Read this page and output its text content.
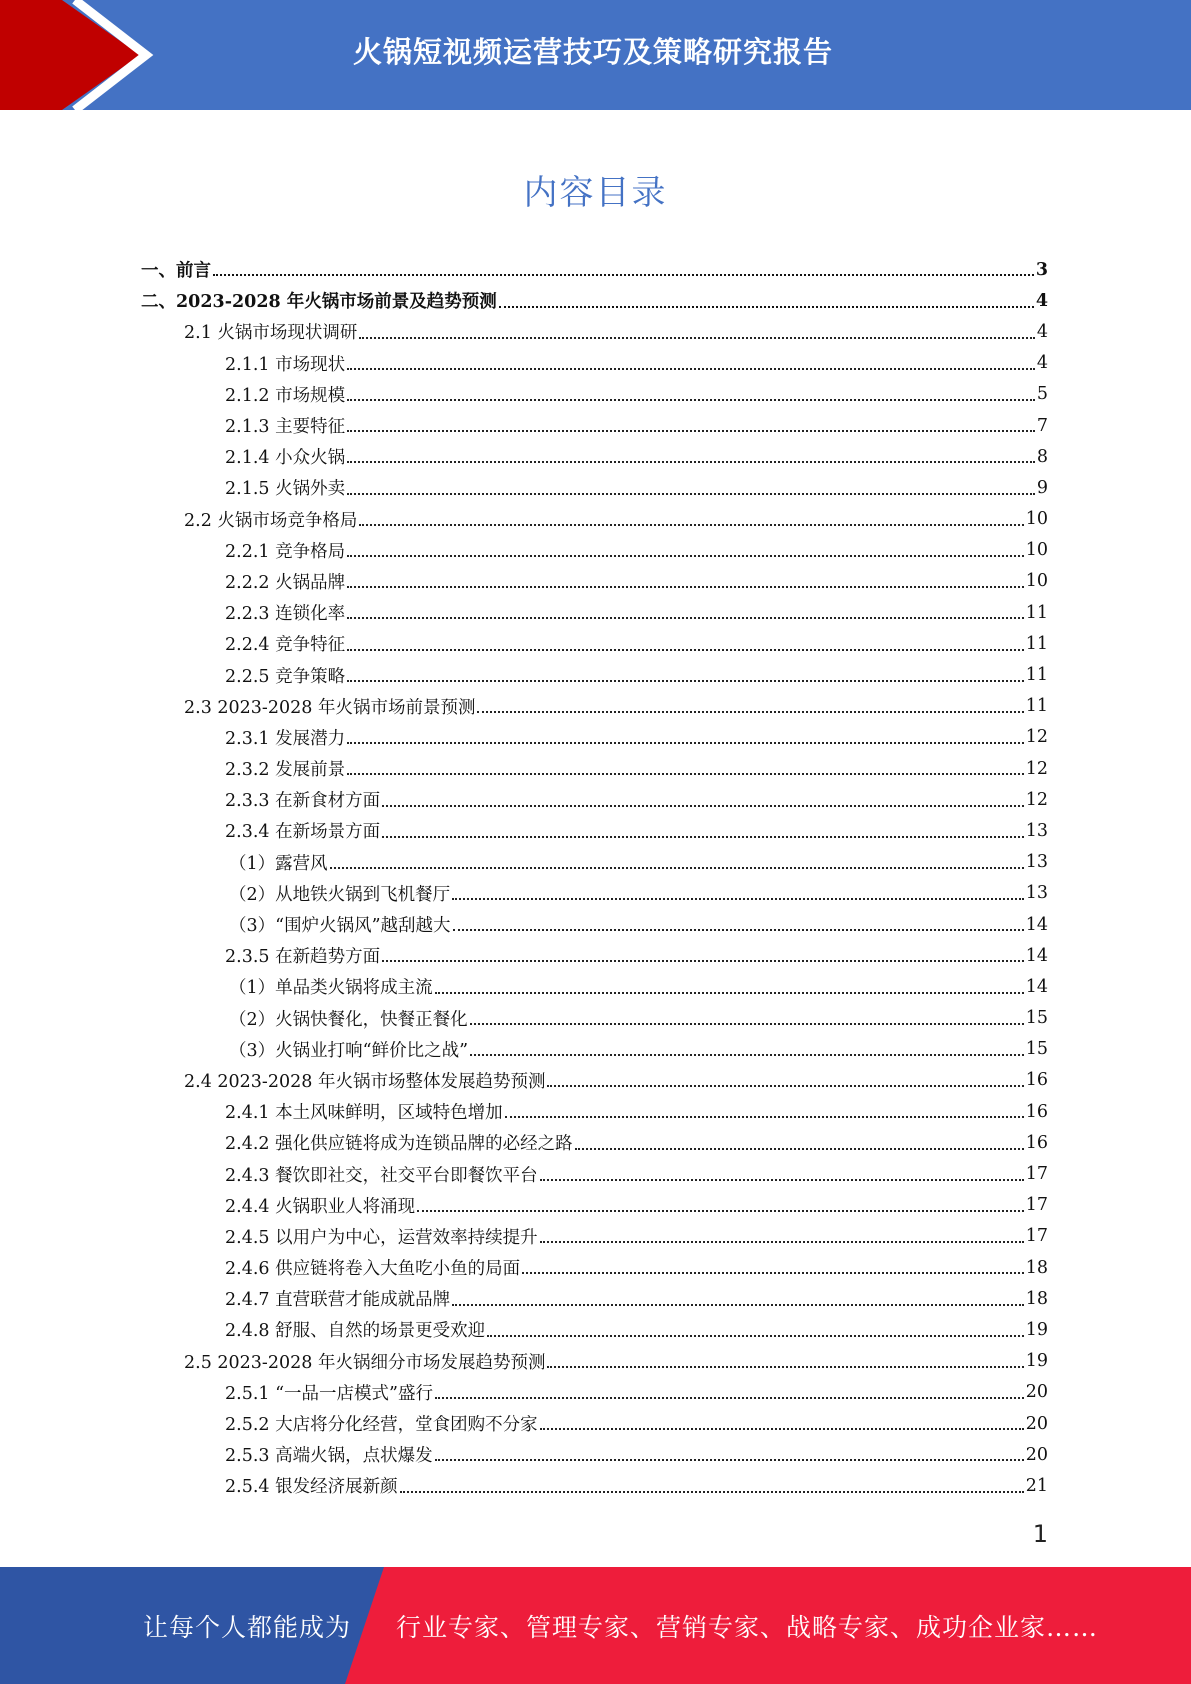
火锅短视频运营技巧及策略研究报告
内容目录
一、前言	3
二、2023-2028 年火锅市场前景及趋势预测	4
2.1 火锅市场现状调研	4
2.1.1 市场现状	4
2.1.2 市场规模	5
2.1.3 主要特征	7
2.1.4 小众火锅	8
2.1.5 火锅外卖	9
2.2 火锅市场竞争格局	10
2.2.1 竞争格局	10
2.2.2 火锅品牌	10
2.2.3 连锁化率	11
2.2.4 竞争特征	11
2.2.5 竞争策略	11
2.3 2023-2028 年火锅市场前景预测	11
2.3.1 发展潜力	12
2.3.2 发展前景	12
2.3.3 在新食材方面	12
2.3.4 在新场景方面	13
（1）露营风	13
（2）从地铁火锅到飞机餐厅	13
（3）“围炉火锅风”越刮越大	14
2.3.5 在新趋势方面	14
（1）单品类火锅将成主流	14
（2）火锅快餐化，快餐正餐化	15
（3）火锅业打响“鲜价比之战”	15
2.4 2023-2028 年火锅市场整体发展趋势预测	16
2.4.1 本土风味鲜明，区域特色增加	16
2.4.2 强化供应链将成为连锁品牌的必经之路	16
2.4.3 餐饮即社交，社交平台即餐饮平台	17
2.4.4 火锅职业人将涌现	17
2.4.5 以用户为中心，运营效率持续提升	17
2.4.6 供应链将卷入大鱼吃小鱼的局面	18
2.4.7 直营联营才能成就品牌	18
2.4.8 舒服、自然的场景更受欢迎	19
2.5 2023-2028 年火锅细分市场发展趋势预测	19
2.5.1 “一品一店模式”盛行	20
2.5.2 大店将分化经营，堂食团购不分家	20
2.5.3 高端火锅，点状爆发	20
2.5.4 银发经济展新颜	21
1
让每个人都能成为 行业专家、管理专家、营销专家、战略专家、成功企业家……
